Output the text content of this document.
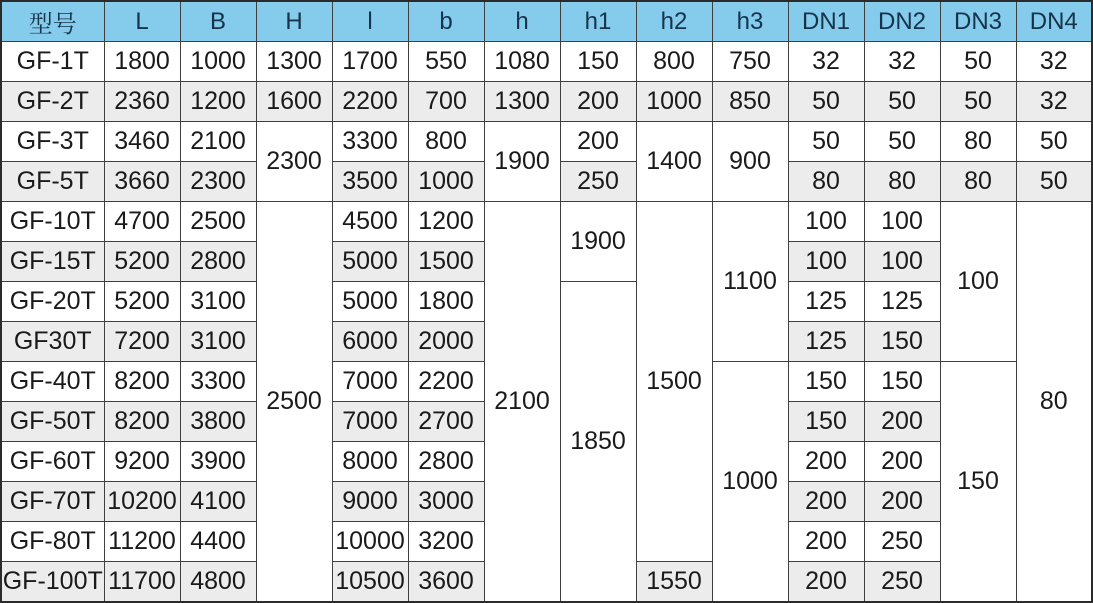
型号	L	B	H	l	b	h	h1	h2	h3	DN1	DN2	DN3	DN4
GF-1T	1800	1000	1300	1700	550	1080	150	800	750	32	32	50	32
GF-2T	2360	1200	1600	2200	700	1300	200	1000	850	50	50	50	32
GF-3T	3460	2100	2300	3300	800	1900	200	1400	900	50	50	80	50
GF-5T	3660	2300		3500	1000		250			80	80	80	50
GF-10T	4700	2500	2500	4500	1200	2100	1900	1500	1100	100	100	100	80
GF-15T	5200	2800		5000	1500					100	100		
GF-20T	5200	3100		5000	1800		1850			125	125		
GF30T	7200	3100		6000	2000					125	150		
GF-40T	8200	3300		7000	2200				1000	150	150	150	
GF-50T	8200	3800		7000	2700					150	200		
GF-60T	9200	3900		8000	2800					200	200		
GF-70T	10200	4100		9000	3000					200	200		
GF-80T	11200	4400		10000	3200					200	250		
GF-100T	11700	4800		10500	3600			1550		200	250		
